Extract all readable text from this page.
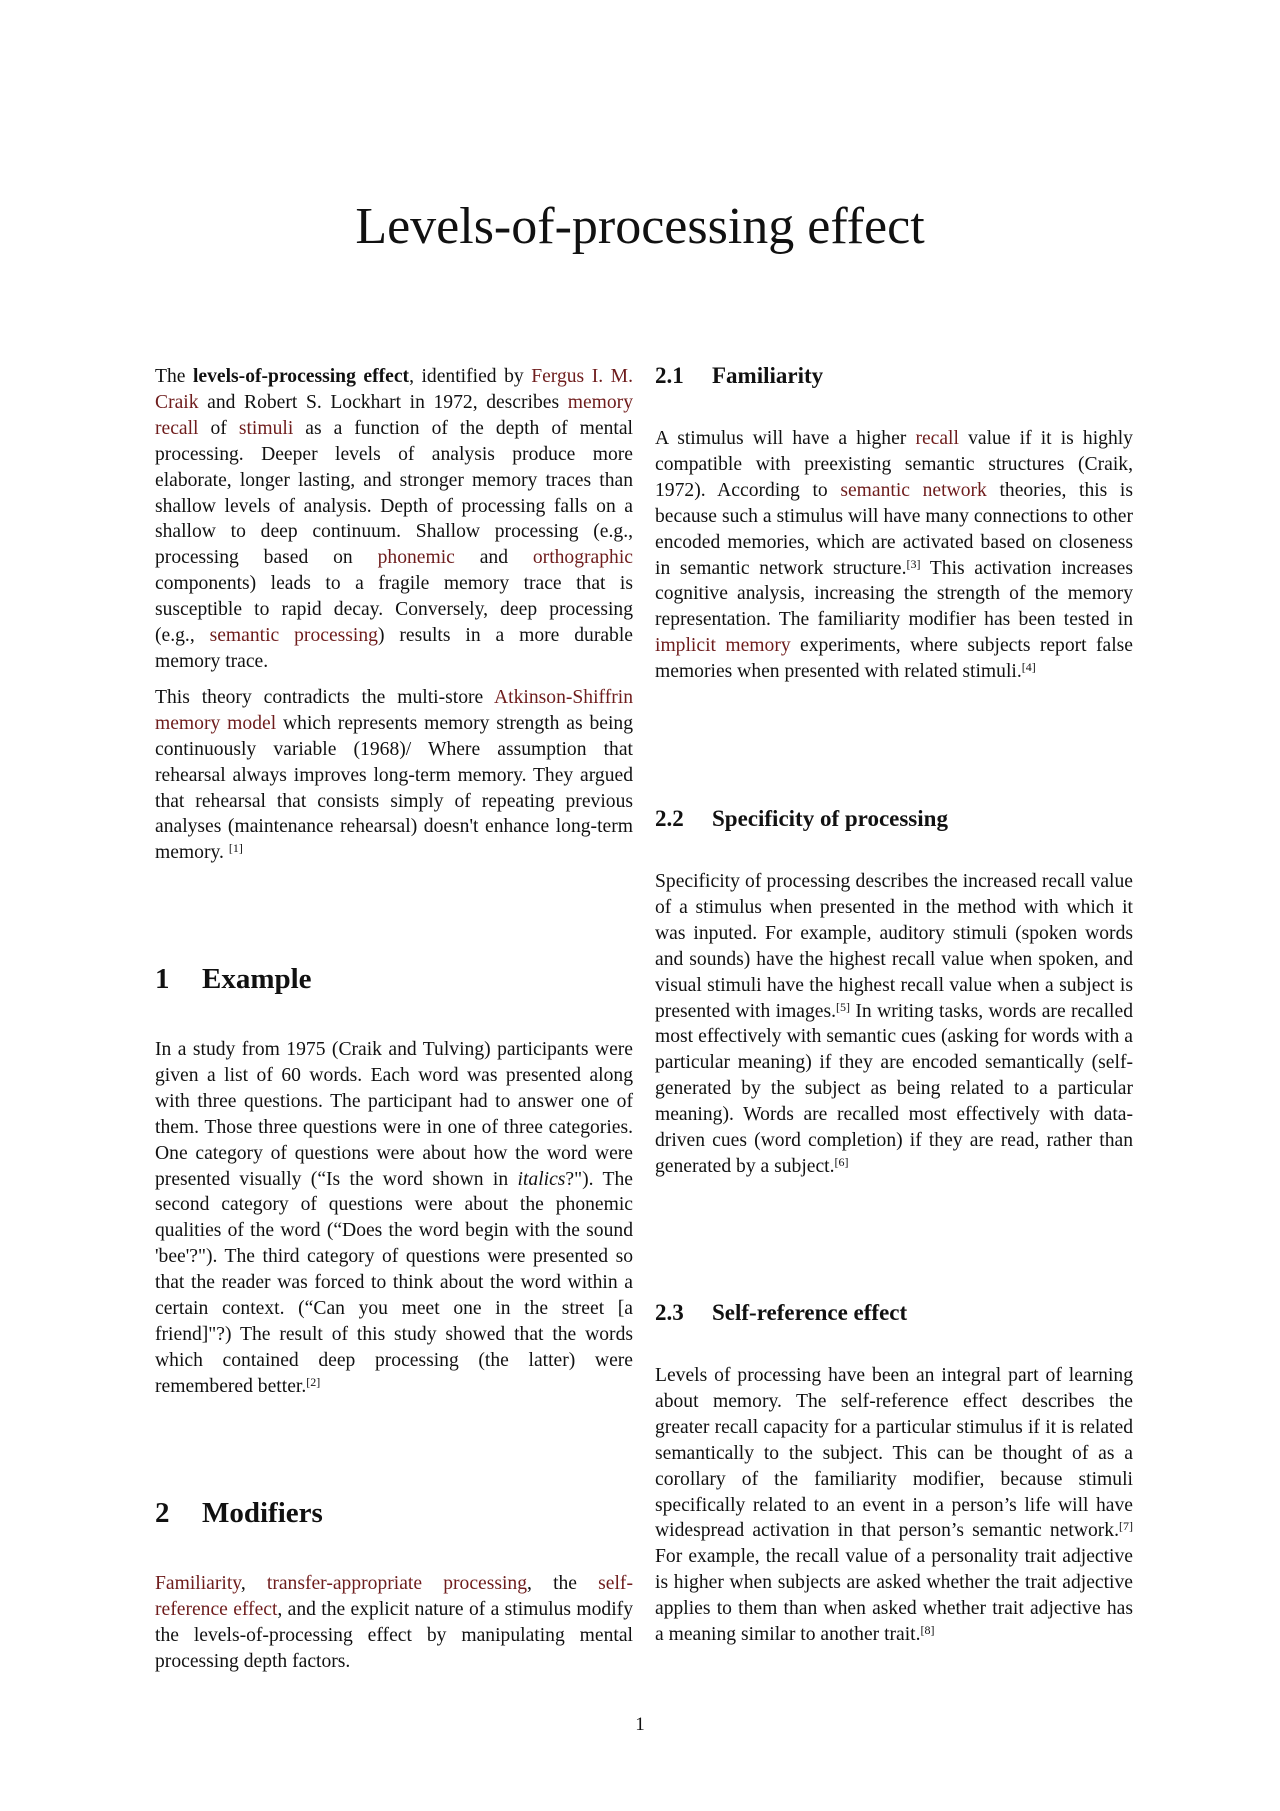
Levels-of-processing effect

The levels-of-processing effect, identified by Fergus I. M. Craik and Robert S. Lockhart in 1972, describes memory recall of stimuli as a function of the depth of mental processing. Deeper levels of analysis produce more elaborate, longer lasting, and stronger memory traces than shallow levels of analysis. Depth of processing falls on a shallow to deep continuum. Shallow processing (e.g., processing based on phonemic and orthographic components) leads to a fragile memory trace that is susceptible to rapid decay. Conversely, deep processing (e.g., semantic processing) results in a more durable memory trace.

This theory contradicts the multi-store Atkinson-Shiffrin memory model which represents memory strength as being continuously variable (1968)/ Where assumption that rehearsal always improves long-term memory. They argued that rehearsal that consists simply of repeating previous analyses (maintenance rehearsal) doesn't enhance long-term memory. [1]

1 Example

In a study from 1975 (Craik and Tulving) participants were given a list of 60 words. Each word was presented along with three questions. The participant had to answer one of them. Those three questions were in one of three categories. One category of questions were about how the word were presented visually (“Is the word shown in italics?"). The second category of questions were about the phonemic qualities of the word (“Does the word begin with the sound 'bee'?"). The third category of questions were presented so that the reader was forced to think about the word within a certain context. (“Can you meet one in the street [a friend]"?) The result of this study showed that the words which contained deep processing (the latter) were remembered better.[2]

2 Modifiers

Familiarity, transfer-appropriate processing, the self-reference effect, and the explicit nature of a stimulus modify the levels-of-processing effect by manipulating mental processing depth factors.

2.1 Familiarity

A stimulus will have a higher recall value if it is highly compatible with preexisting semantic structures (Craik, 1972). According to semantic network theories, this is because such a stimulus will have many connections to other encoded memories, which are activated based on closeness in semantic network structure.[3] This activation increases cognitive analysis, increasing the strength of the memory representation. The familiarity modifier has been tested in implicit memory experiments, where subjects report false memories when presented with related stimuli.[4]

2.2 Specificity of processing

Specificity of processing describes the increased recall value of a stimulus when presented in the method with which it was inputed. For example, auditory stimuli (spoken words and sounds) have the highest recall value when spoken, and visual stimuli have the highest recall value when a subject is presented with images.[5] In writing tasks, words are recalled most effectively with semantic cues (asking for words with a particular meaning) if they are encoded semantically (self-generated by the subject as being related to a particular meaning). Words are recalled most effectively with data-driven cues (word completion) if they are read, rather than generated by a subject.[6]

2.3 Self-reference effect

Levels of processing have been an integral part of learning about memory. The self-reference effect describes the greater recall capacity for a particular stimulus if it is related semantically to the subject. This can be thought of as a corollary of the familiarity modifier, because stimuli specifically related to an event in a person’s life will have widespread activation in that person’s semantic network.[7] For example, the recall value of a personality trait adjective is higher when subjects are asked whether the trait adjective applies to them than when asked whether trait adjective has a meaning similar to another trait.[8]

1
